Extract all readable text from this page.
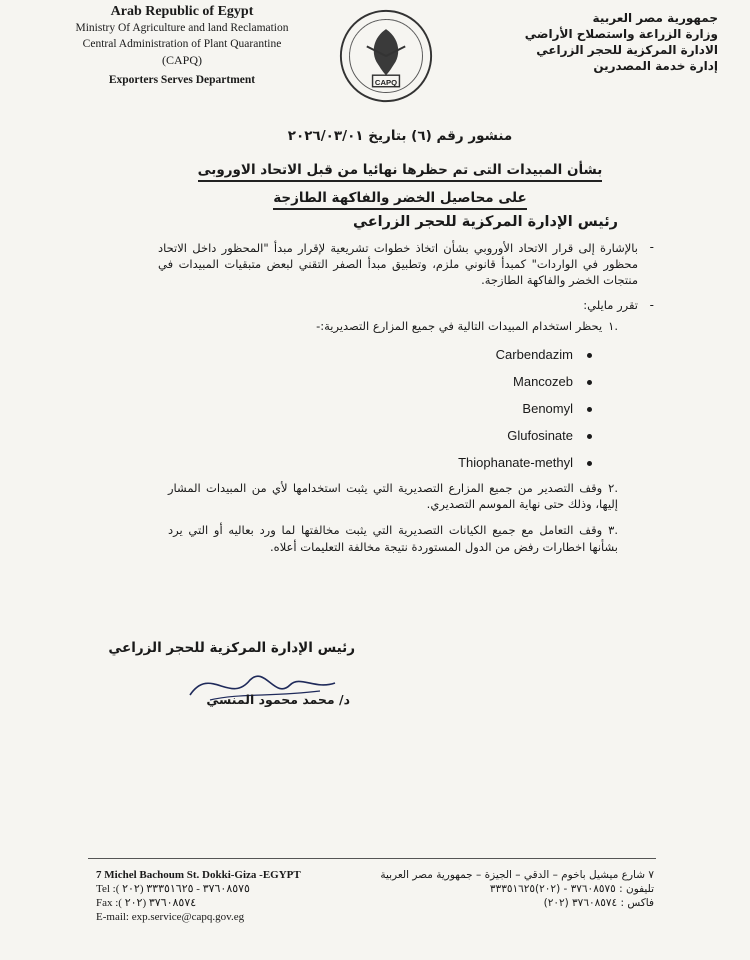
Arab Republic of Egypt
Ministry Of Agriculture and land Reclamation
Central Administration of Plant Quarantine
(CAPQ)
Exporters Serves Department	CAPQ
جمهورية مصر العربية
وزارة الزراعة واستصلاح الأراضي
الادارة المركزية للحجر الزراعي
إدارة خدمة المصدرين
منشور رقم (٦) بتاريخ ٢٠٢٦/٠٣/٠١
بشأن المبيدات التى تم حظرها نهائيا من قبل الاتحاد الاوروبى
على محاصيل الخضر والفاكهة الطازجة
رئيس الإدارة المركزية للحجر الزراعي
-
بالإشارة إلى قرار الاتحاد الأوروبي بشأن اتخاذ خطوات تشريعية لإقرار مبدأ "المحظور داخل الاتحاد محظور في الواردات" كمبدأ قانوني ملزم، وتطبيق مبدأ الصفر التقني لبعض متبقيات المبيدات في منتجات الخضر والفاكهة الطازجة.
-
تقرر مايلي:
.١يحظر استخدام المبيدات التالية في جميع المزارع التصديرية:-
Carbendazim
Mancozeb
Benomyl
Glufosinate
Thiophanate-methyl
.٢وقف التصدير من جميع المزارع التصديرية التي يثبت استخدامها لأي من المبيدات المشار إليها، وذلك حتى نهاية الموسم التصديري.
.٣وقف التعامل مع جميع الكيانات التصديرية التي يثبت مخالفتها لما ورد بعاليه أو التي يرد بشأنها اخطارات رفض من الدول المستوردة نتيجة مخالفة التعليمات أعلاه.
رئيس الإدارة المركزية للحجر الزراعي
د/ محمد محمود المنسي
7 Michel Bachoum St. Dokki-Giza -EGYPT
Tel :( ٢٠٢) ٣٧٦٠٨٥٧٥ - ٣٣٣٥١٦٢٥
Fax :( ٢٠٢) ٣٧٦٠٨٥٧٤
E-mail: exp.service@capq.gov.eg
٧ شارع ميشيل باخوم – الدقي – الجيزة – جمهورية مصر العربية
تليفون : ٣٧٦٠٨٥٧٥ - (٢٠٢)٣٣٣٥١٦٢٥
فاكس : ٣٧٦٠٨٥٧٤ (٢٠٢)
